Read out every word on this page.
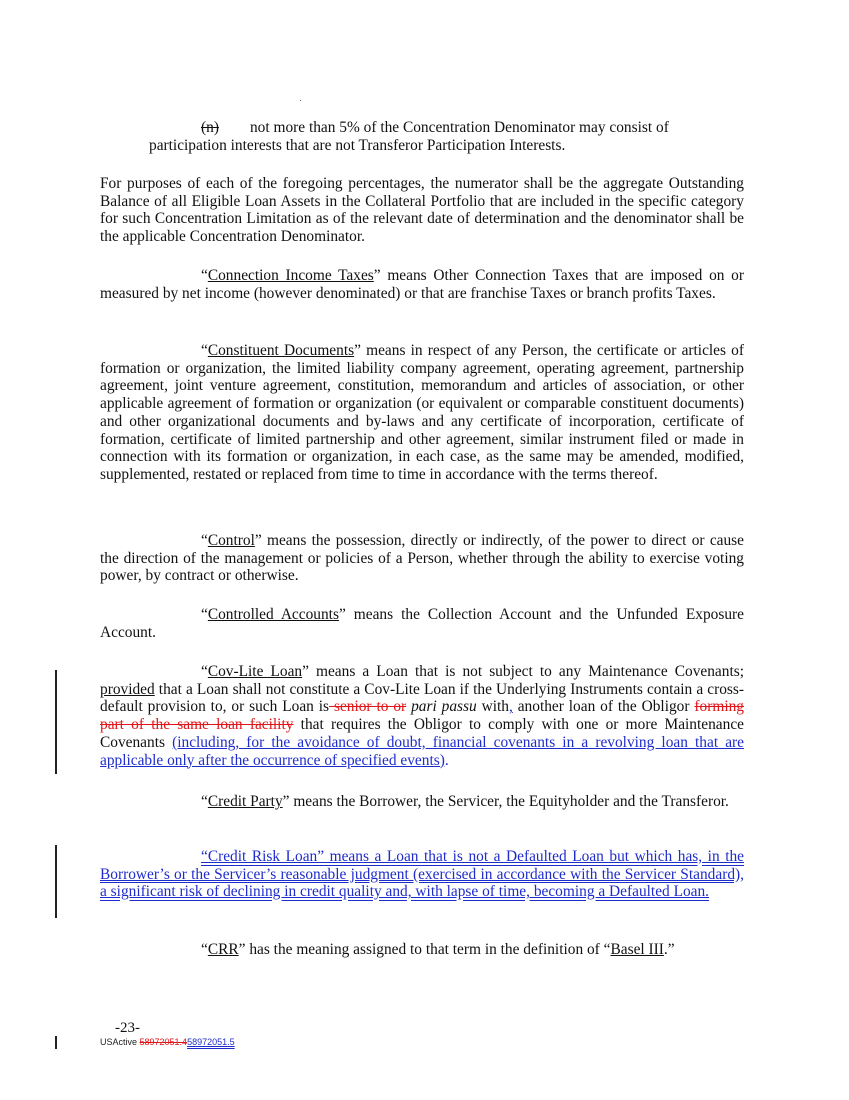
(n) not more than 5% of the Concentration Denominator may consist of participation interests that are not Transferor Participation Interests.

For purposes of each of the foregoing percentages, the numerator shall be the aggregate Outstanding Balance of all Eligible Loan Assets in the Collateral Portfolio that are included in the specific category for such Concentration Limitation as of the relevant date of determination and the denominator shall be the applicable Concentration Denominator.

“Connection Income Taxes” means Other Connection Taxes that are imposed on or measured by net income (however denominated) or that are franchise Taxes or branch profits Taxes.

“Constituent Documents” means in respect of any Person, the certificate or articles of formation or organization, the limited liability company agreement, operating agreement, partnership agreement, joint venture agreement, constitution, memorandum and articles of association, or other applicable agreement of formation or organization (or equivalent or comparable constituent documents) and other organizational documents and by-laws and any certificate of incorporation, certificate of formation, certificate of limited partnership and other agreement, similar instrument filed or made in connection with its formation or organization, in each case, as the same may be amended, modified, supplemented, restated or replaced from time to time in accordance with the terms thereof.

“Control” means the possession, directly or indirectly, of the power to direct or cause the direction of the management or policies of a Person, whether through the ability to exercise voting power, by contract or otherwise.

“Controlled Accounts” means the Collection Account and the Unfunded Exposure Account.

“Cov-Lite Loan” means a Loan that is not subject to any Maintenance Covenants; provided that a Loan shall not constitute a Cov-Lite Loan if the Underlying Instruments contain a cross-default provision to, or such Loan is senior to or pari passu with, another loan of the Obligor forming part of the same loan facility that requires the Obligor to comply with one or more Maintenance Covenants (including, for the avoidance of doubt, financial covenants in a revolving loan that are applicable only after the occurrence of specified events).

“Credit Party” means the Borrower, the Servicer, the Equityholder and the Transferor.

“Credit Risk Loan” means a Loan that is not a Defaulted Loan but which has, in the Borrower’s or the Servicer’s reasonable judgment (exercised in accordance with the Servicer Standard), a significant risk of declining in credit quality and, with lapse of time, becoming a Defaulted Loan.

“CRR” has the meaning assigned to that term in the definition of “Basel III.”

-23-
USActive 58972051.458972051.5
